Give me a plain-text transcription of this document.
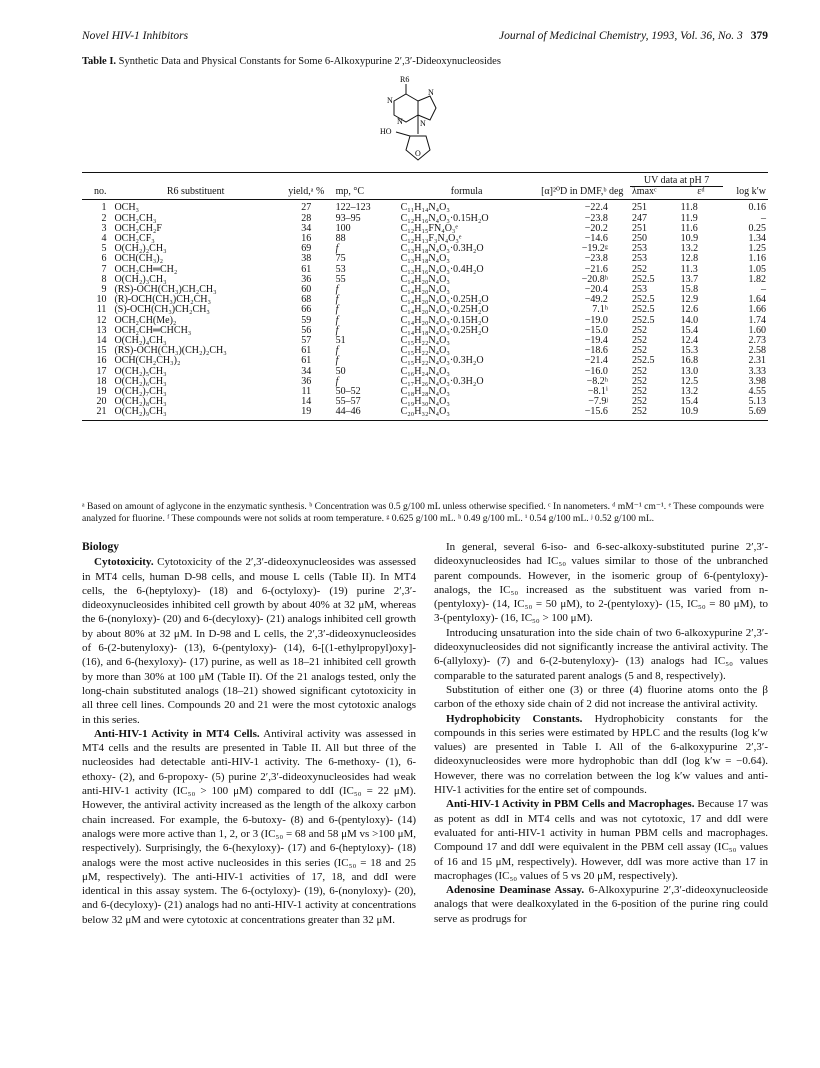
Novel HIV-1 Inhibitors	Journal of Medicinal Chemistry, 1993, Vol. 36, No. 3 379
Table I. Synthetic Data and Physical Constants for Some 6-Alkoxypurine 2′,3′-Dideoxynucleosides
R6
N
N
N N
HO
O
						UV data at pH 7		
no.	R6 substituent	yield,ᵃ %	mp, °C	formula	[α]²⁰D in DMF,ᵇ deg	λmaxᶜ	εᵈ	log k′w
1	OCH₃	27	122–123	C₁₁H₁₄N₄O₃	−22.4	251	11.8	0.16
2	OCH₂CH₃	28	93–95	C₁₂H₁₆N₄O₃·0.15H₂O	−23.8	247	11.9	–
3	OCH₂CH₂F	34	100	C₁₂H₁₅FN₄O₃ᵉ	−20.2	251	11.6	0.25
4	OCH₂CF₃	16	88	C₁₂H₁₃F₃N₄O₃ᵉ	−14.6	250	10.9	1.34
5	O(CH₂)₂CH₃	69	f	C₁₃H₁₈N₄O₃·0.3H₂O	−19.2ᵍ	253	13.2	1.25
6	OCH(CH₃)₂	38	75	C₁₃H₁₈N₄O₃	−23.8	253	12.8	1.16
7	OCH₂CH═CH₂	61	53	C₁₃H₁₆N₄O₃·0.4H₂O	−21.6	252	11.3	1.05
8	O(CH₂)₃CH₃	36	55	C₁₄H₂₀N₄O₃	−20.8ʰ	252.5	13.7	1.82
9	(RS)-OCH(CH₃)CH₂CH₃	60	f	C₁₄H₂₀N₄O₃	−20.4	253	15.8	–
10	(R)-OCH(CH₃)CH₂CH₃	68	f	C₁₄H₂₀N₄O₃·0.25H₂O	−49.2	252.5	12.9	1.64
11	(S)-OCH(CH₃)CH₂CH₃	66	f	C₁₄H₂₀N₄O₃·0.25H₂O	7.1ʰ	252.5	12.6	1.66
12	OCH₂CH(Me)₂	59	f	C₁₄H₂₀N₄O₃·0.15H₂O	−19.0	252.5	14.0	1.74
13	OCH₂CH═CHCH₃	56	f	C₁₄H₁₈N₄O₃·0.25H₂O	−15.0	252	15.4	1.60
14	O(CH₂)₄CH₃	57	51	C₁₅H₂₂N₄O₃	−19.4	252	12.4	2.73
15	(RS)-OCH(CH₃)(CH₂)₂CH₃	61	f	C₁₅H₂₂N₄O₃	−18.6	252	15.3	2.58
16	OCH(CH₂CH₃)₂	61	f	C₁₅H₂₂N₄O₃·0.3H₂O	−21.4	252.5	16.8	2.31
17	O(CH₂)₅CH₃	34	50	C₁₆H₂₄N₄O₃	−16.0	252	13.0	3.33
18	O(CH₂)₆CH₃	36	f	C₁₇H₂₆N₄O₃·0.3H₂O	−8.2ʰ	252	12.5	3.98
19	O(CH₂)₇CH₃	11	50–52	C₁₈H₂₈N₄O₃	−8.1ⁱ	252	13.2	4.55
20	O(CH₂)₈CH₃	14	55–57	C₁₉H₃₀N₄O₃	−7.9ʲ	252	15.4	5.13
21	O(CH₂)₉CH₃	19	44–46	C₂₀H₃₂N₄O₃	−15.6	252	10.9	5.69
ᵃ Based on amount of aglycone in the enzymatic synthesis. ᵇ Concentration was 0.5 g/100 mL unless otherwise specified. ᶜ In nanometers. ᵈ mM⁻¹ cm⁻¹. ᵉ These compounds were analyzed for fluorine. ᶠ These compounds were not solids at room temperature. ᵍ 0.625 g/100 mL. ʰ 0.49 g/100 mL. ⁱ 0.54 g/100 mL. ʲ 0.52 g/100 mL.
Biology

Cytotoxicity. Cytotoxicity of the 2′,3′-dideoxynucleosides was assessed in MT4 cells, human D-98 cells, and mouse L cells (Table II). In MT4 cells, the 6-(heptyloxy)- (18) and 6-(octyloxy)- (19) purine 2′,3′-dideoxynucleosides inhibited cell growth by about 40% at 32 μM, whereas the 6-(nonyloxy)- (20) and 6-(decyloxy)- (21) analogs inhibited cell growth by about 80% at 32 μM. In D-98 and L cells, the 2′,3′-dideoxynucleosides of 6-(2-butenyloxy)- (13), 6-(pentyloxy)- (14), 6-[(1-ethylpropyl)oxy]- (16), and 6-(hexyloxy)- (17) purine, as well as 18–21 inhibited cell growth by more than 30% at 100 μM (Table II). Of the 21 analogs tested, only the long-chain substituted analogs (18–21) showed significant cytotoxicity in all three cell lines. Compounds 20 and 21 were the most cytotoxic analogs in this series.

Anti-HIV-1 Activity in MT4 Cells. Antiviral activity was assessed in MT4 cells and the results are presented in Table II. All but three of the nucleosides had detectable anti-HIV-1 activity. The 6-methoxy- (1), 6-ethoxy- (2), and 6-propoxy- (5) purine 2′,3′-dideoxynucleosides had weak anti-HIV-1 activity (IC₅₀ > 100 μM) compared to ddI (IC₅₀ = 22 μM). However, the antiviral activity increased as the length of the alkoxy carbon chain increased. For example, the 6-butoxy- (8) and 6-(pentyloxy)- (14) analogs were more active than 1, 2, or 3 (IC₅₀ = 68 and 58 μM vs >100 μM, respectively). Surprisingly, the 6-(hexyloxy)- (17) and 6-(heptyloxy)- (18) analogs were the most active nucleosides in this series (IC₅₀ = 18 and 25 μM, respectively). The anti-HIV-1 activities of 17, 18, and ddI were identical in this assay system. The 6-(octyloxy)- (19), 6-(nonyloxy)- (20), and 6-(decyloxy)- (21) analogs had no anti-HIV-1 activity at concentrations below 32 μM and were cytotoxic at concentrations greater than 32 μM.

In general, several 6-iso- and 6-sec-alkoxy-substituted purine 2′,3′-dideoxynucleosides had IC₅₀ values similar to those of the unbranched parent compounds. However, in the isomeric group of 6-(pentyloxy)- analogs, the IC₅₀ increased as the substituent was varied from n-(pentyloxy)- (14, IC₅₀ = 50 μM), to 2-(pentyloxy)- (15, IC₅₀ = 80 μM), to 3-(pentyloxy)- (16, IC₅₀ > 100 μM).

Introducing unsaturation into the side chain of two 6-alkoxypurine 2′,3′-dideoxynucleosides did not significantly increase the antiviral activity. The 6-(allyloxy)- (7) and 6-(2-butenyloxy)- (13) analogs had IC₅₀ values comparable to the saturated parent analogs (5 and 8, respectively).

Substitution of either one (3) or three (4) fluorine atoms onto the β carbon of the ethoxy side chain of 2 did not increase the antiviral activity.

Hydrophobicity Constants. Hydrophobicity constants for the compounds in this series were estimated by HPLC and the results (log k′w values) are presented in Table I. All of the 6-alkoxypurine 2′,3′-dideoxynucleosides were more hydrophobic than ddI (log k′w = −0.64). However, there was no correlation between the log k′w values and anti-HIV-1 activities for the entire set of compounds.

Anti-HIV-1 Activity in PBM Cells and Macrophages. Because 17 was as potent as ddI in MT4 cells and was not cytotoxic, 17 and ddI were evaluated for anti-HIV-1 activity in human PBM cells and macrophages. Compound 17 and ddI were equivalent in the PBM cell assay (IC₅₀ values of 16 and 15 μM, respectively). However, ddI was more active than 17 in macrophages (IC₅₀ values of 5 vs 20 μM, respectively).

Adenosine Deaminase Assay. 6-Alkoxypurine 2′,3′-dideoxynucleoside analogs that were dealkoxylated in the 6-position of the purine ring could serve as prodrugs for
